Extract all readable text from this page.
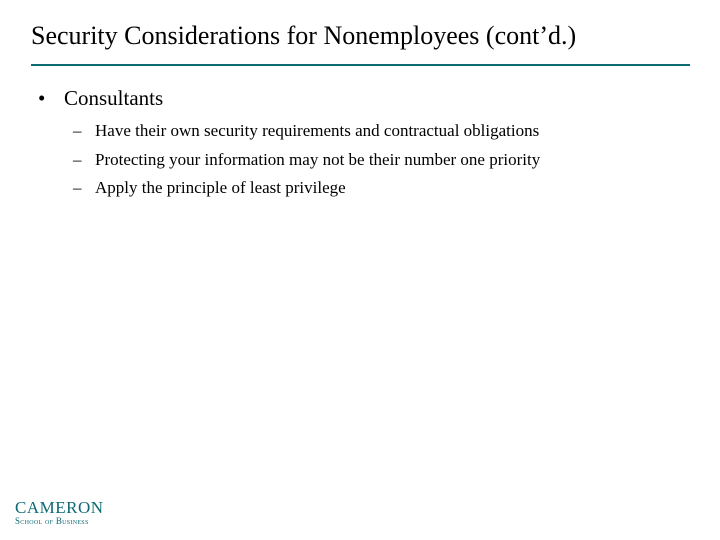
Security Considerations for Nonemployees (cont’d.)
• Consultants
– Have their own security requirements and contractual obligations
– Protecting your information may not be their number one priority
– Apply the principle of least privilege
CAMERON
School of Business
